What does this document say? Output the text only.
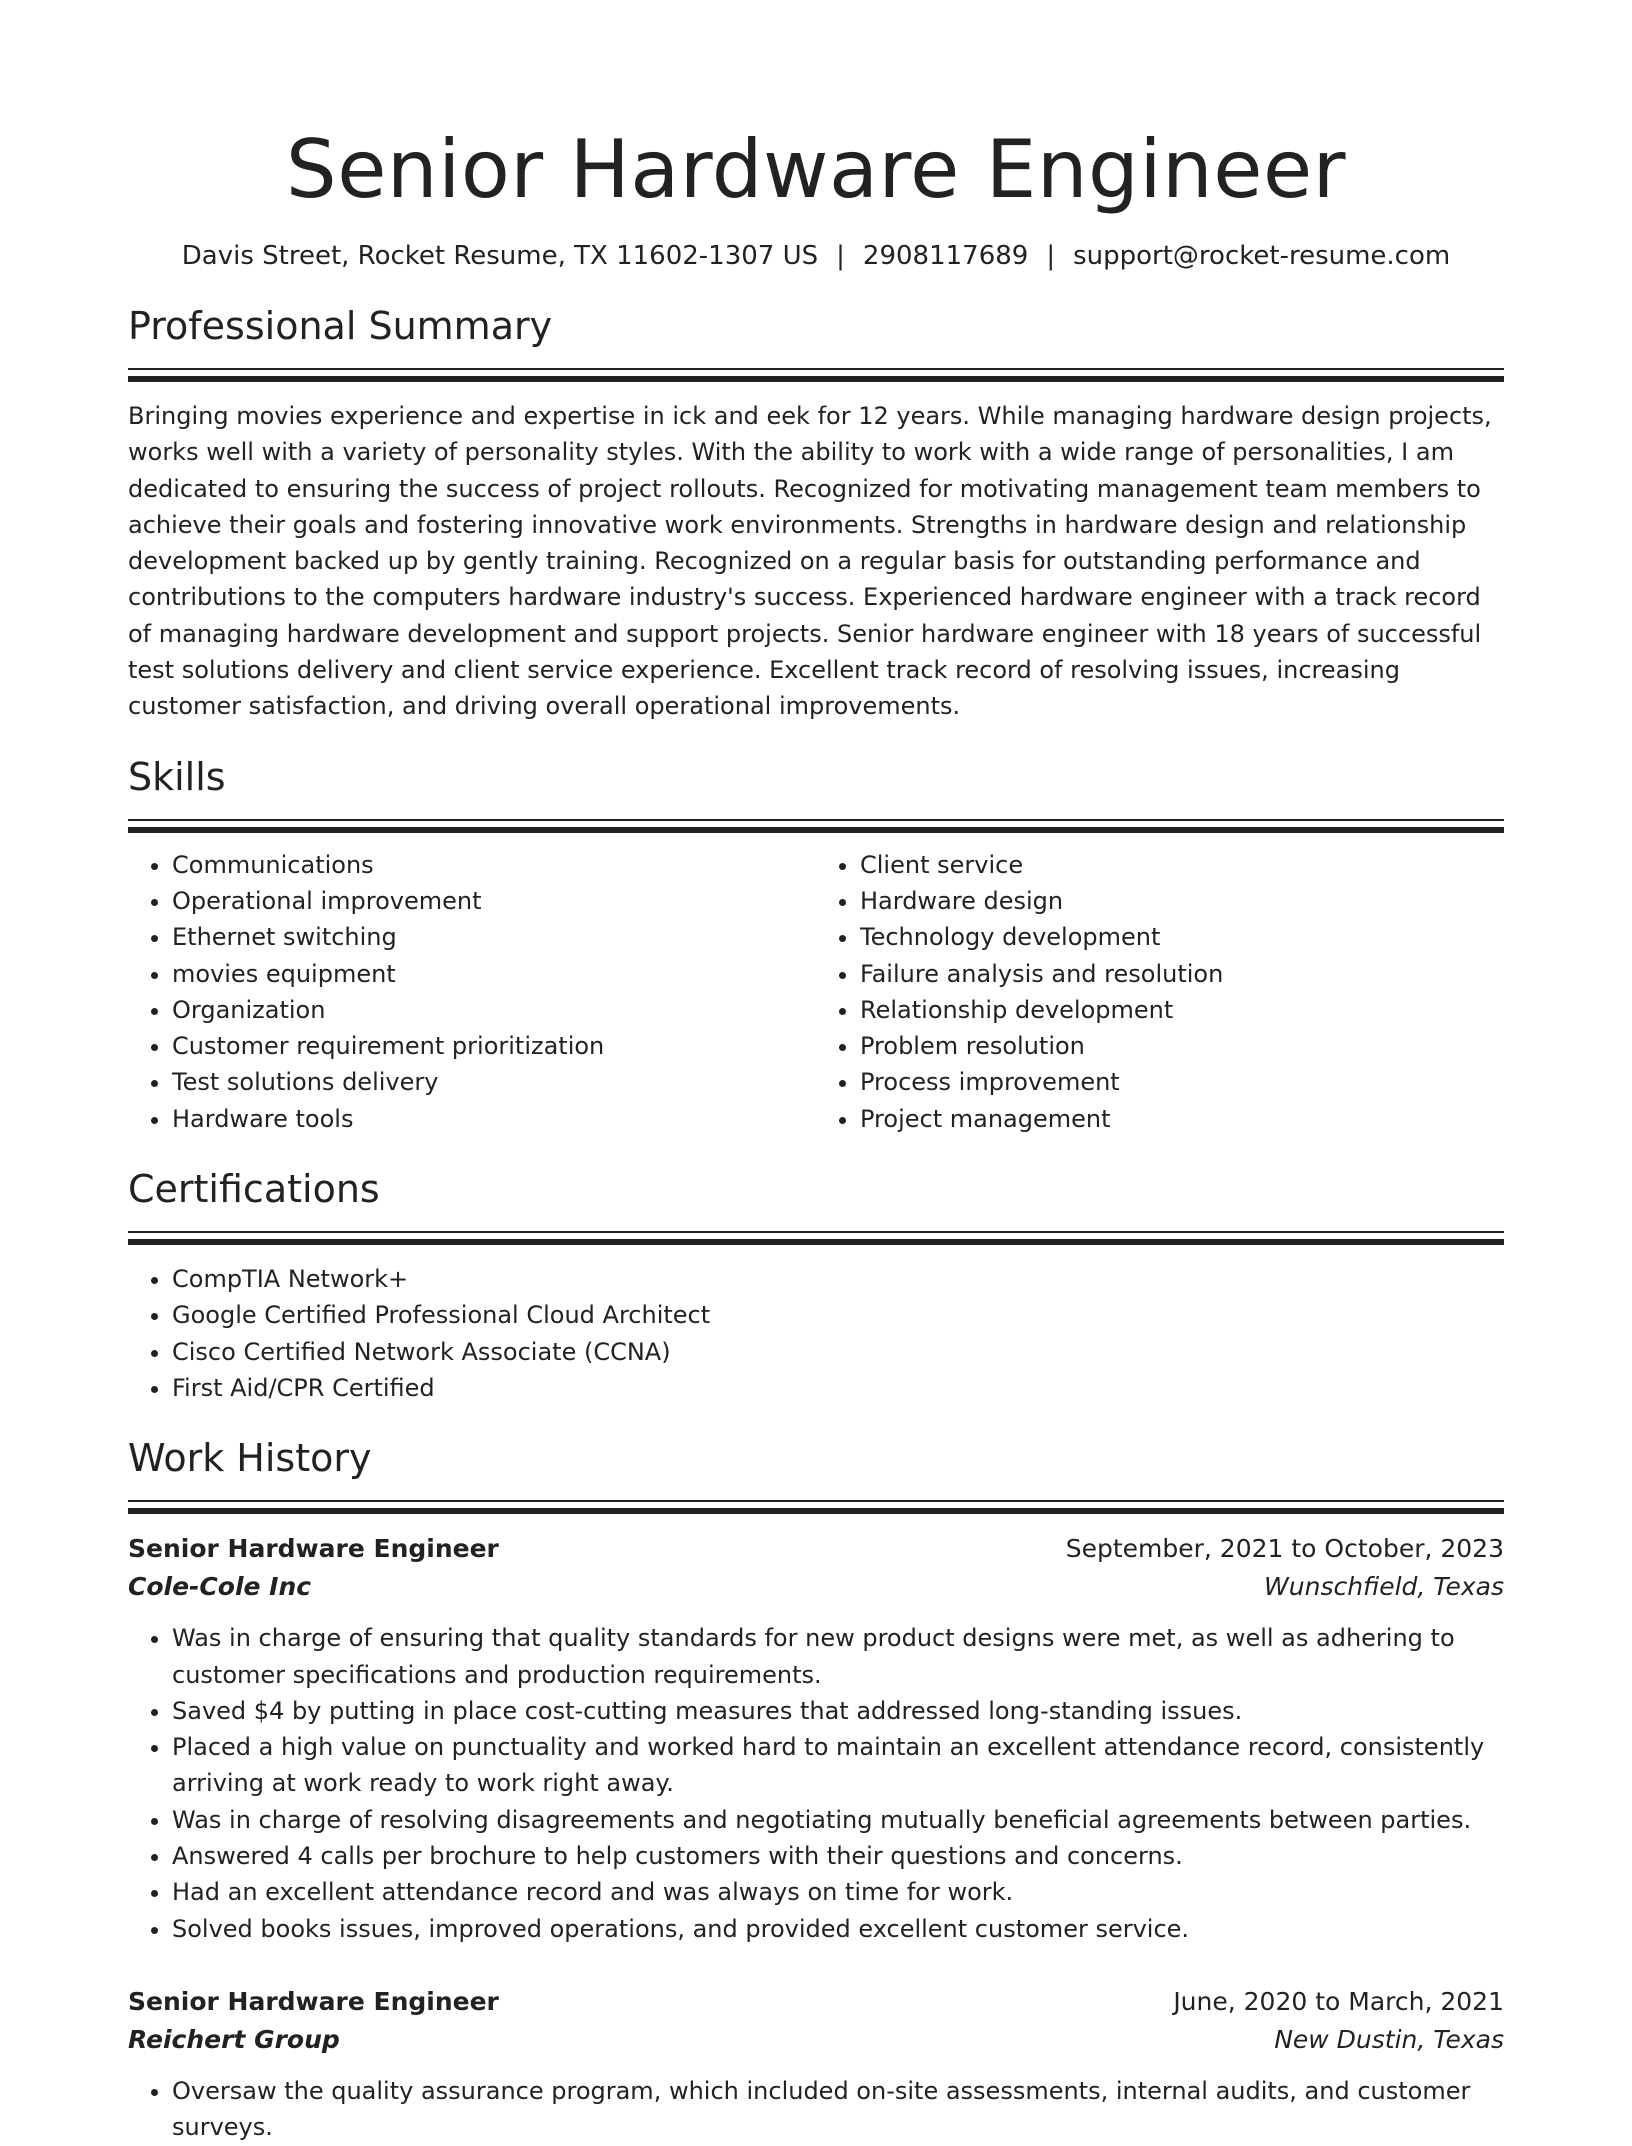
Senior Hardware Engineer
Davis Street, Rocket Resume, TX 11602-1307 US | 2908117689 | support@rocket-resume.com
Professional Summary

Bringing movies experience and expertise in ick and eek for 12 years. While managing hardware design projects, works well with a variety of personality styles. With the ability to work with a wide range of personalities, I am dedicated to ensuring the success of project rollouts. Recognized for motivating management team members to achieve their goals and fostering innovative work environments. Strengths in hardware design and relationship development backed up by gently training. Recognized on a regular basis for outstanding performance and contributions to the computers hardware industry's success. Experienced hardware engineer with a track record of managing hardware development and support projects. Senior hardware engineer with 18 years of successful test solutions delivery and client service experience. Excellent track record of resolving issues, increasing customer satisfaction, and driving overall operational improvements.

Skills
• Communications
• Operational improvement
• Ethernet switching
• movies equipment
• Organization
• Customer requirement prioritization
• Test solutions delivery
• Hardware tools
• Client service
• Hardware design
• Technology development
• Failure analysis and resolution
• Relationship development
• Problem resolution
• Process improvement
• Project management
Certifications
• CompTIA Network+
• Google Certified Professional Cloud Architect
• Cisco Certified Network Associate (CCNA)
• First Aid/CPR Certified
Work History
Senior Hardware Engineer	September, 2021 to October, 2023
Cole-Cole Inc	Wunschfield, Texas
• Was in charge of ensuring that quality standards for new product designs were met, as well as adhering to customer specifications and production requirements.
• Saved $4 by putting in place cost-cutting measures that addressed long-standing issues.
• Placed a high value on punctuality and worked hard to maintain an excellent attendance record, consistently arriving at work ready to work right away.
• Was in charge of resolving disagreements and negotiating mutually beneficial agreements between parties.
• Answered 4 calls per brochure to help customers with their questions and concerns.
• Had an excellent attendance record and was always on time for work.
• Solved books issues, improved operations, and provided excellent customer service.
Senior Hardware Engineer	June, 2020 to March, 2021
Reichert Group	New Dustin, Texas
• Oversaw the quality assurance program, which included on-site assessments, internal audits, and customer surveys.
